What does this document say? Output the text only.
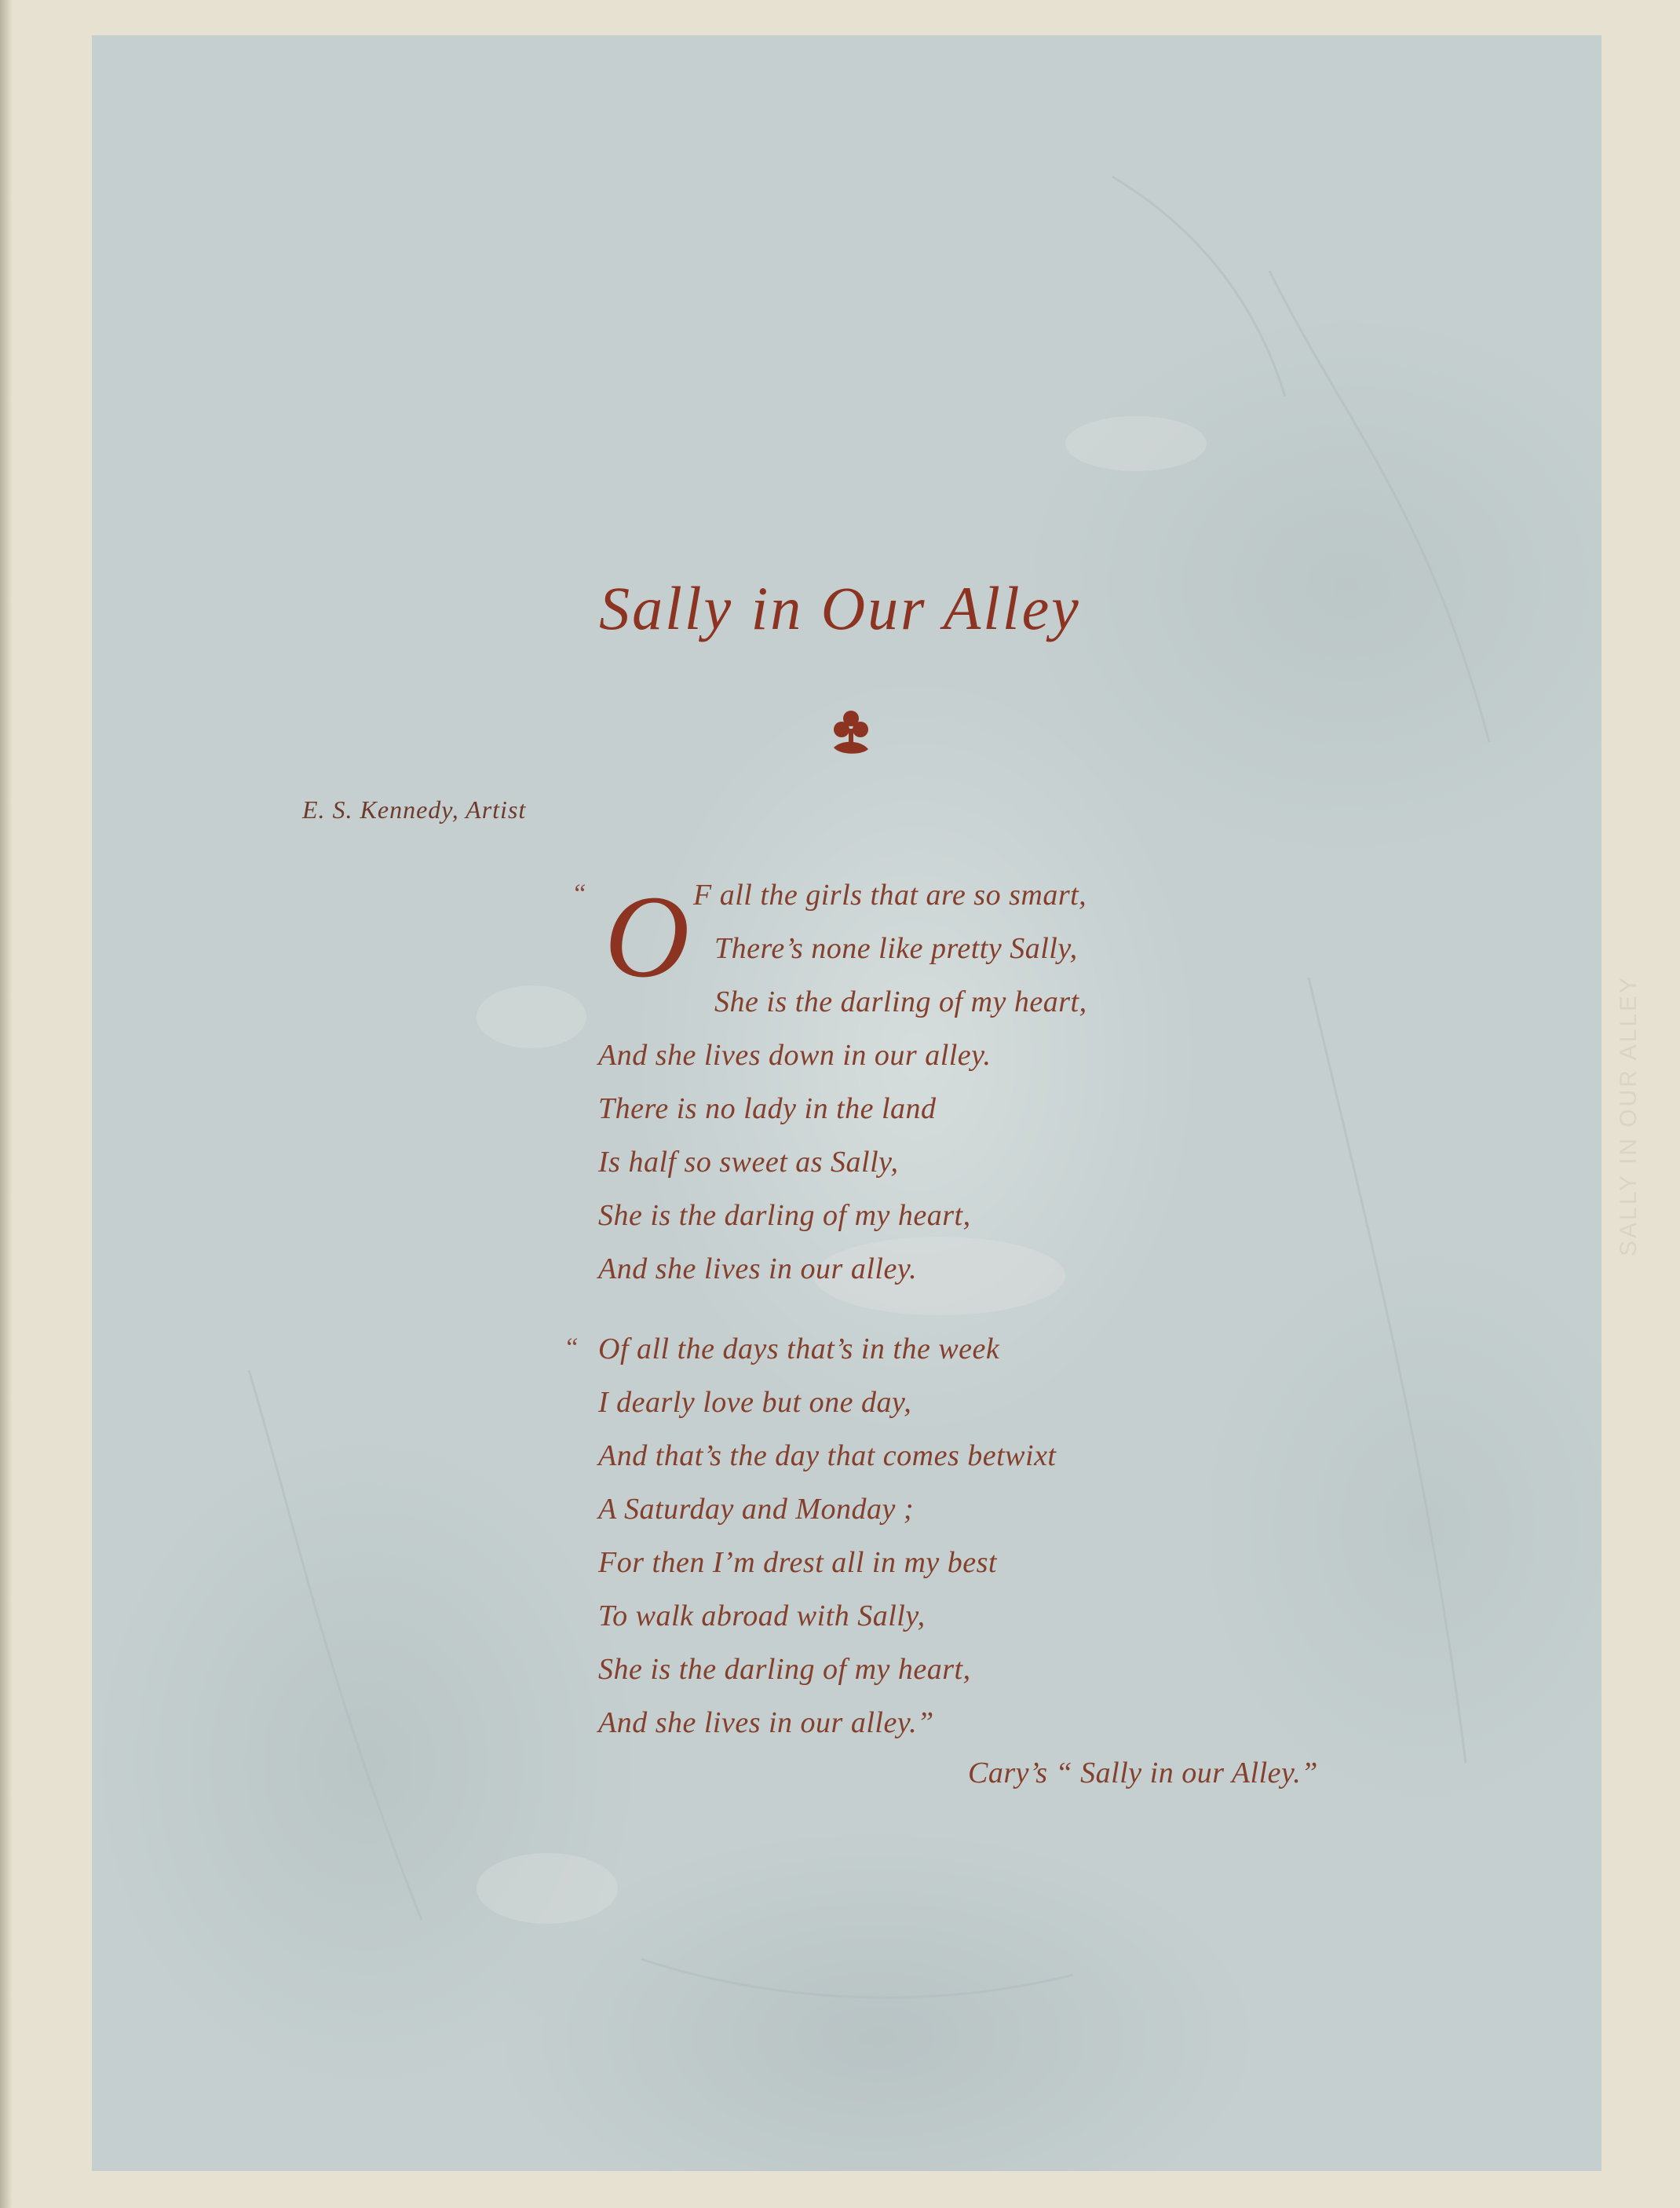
Sally in Our Alley
E. S. Kennedy, Artist
“ O F all the girls that are so smart,
There’s none like pretty Sally,
She is the darling of my heart,
And she lives down in our alley.
There is no lady in the land
Is half so sweet as Sally,
She is the darling of my heart,
And she lives in our alley.
“ Of all the days that’s in the week
I dearly love but one day,
And that’s the day that comes betwixt
A Saturday and Monday ;
For then I’m drest all in my best
To walk abroad with Sally,
She is the darling of my heart,
And she lives in our alley.”
Cary’s “ Sally in our Alley.”
SALLY IN OUR ALLEY
